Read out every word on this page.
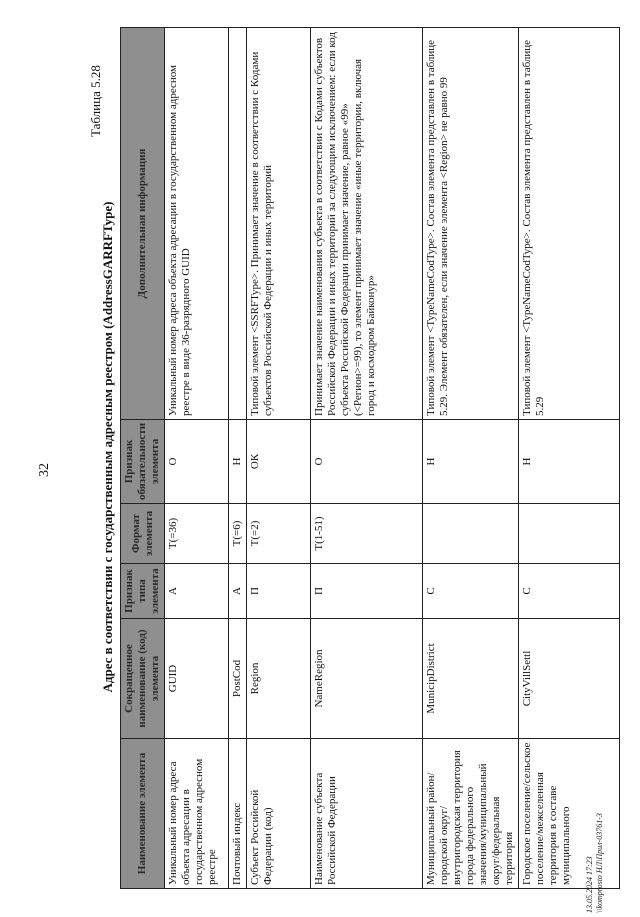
32
Таблица 5.28
Адрес в соответствии с государственным адресным реестром (AddressGARRFType)
Наименование элемента	Сокращенное наименование (код) элемента	Признак типа элемента	Формат элемента	Признак обязательности элемента	Дополнительная информация
Уникальный номер адреса объекта адресации в государственном адресном реестре	GUID	А	Т(=36)	О	Уникальный номер адреса объекта адресации в государственном адресном реестре в виде 36-разрядного GUID
Почтовый индекс	PostCod	А	Т(=6)	Н	
Субъект Российской Федерации (код)	Region	П	Т(=2)	ОК	Типовой элемент <SSRFType>. Принимает значение в соответствии с Кодами субъектов Российской Федерации и иных территорий
Наименование субъекта Российской Федерации	NameRegion	П	Т(1-51)	О	Принимает значение наименования субъекта в соответствии с Кодами субъектов Российской Федерации и иных территорий за следующим исключением: если код субъекта Российской Федерации принимает значение, равное «99» (<Регион>=99), то элемент принимает значение «иные территории, включая город и космодром Байконур»
Муниципальный район/городской округ/внутригородская территория города федерального значения/муниципальный округ/федеральная территория	MunicipDistrict	С		Н	Типовой элемент <TypeNameCodType>. Состав элемента представлен в таблице 5.29. Элемент обязателен, если значение элемента <Region> не равно 99
Городское поселение/сельское поселение/межселенная территория в составе муниципального	CityVillSettl	С		Н	Типовой элемент <TypeNameCodType>. Состав элемента представлен в таблице 5.29
13.05.2024 17:23 \\komprosto НЛ\Прил-03761-3
